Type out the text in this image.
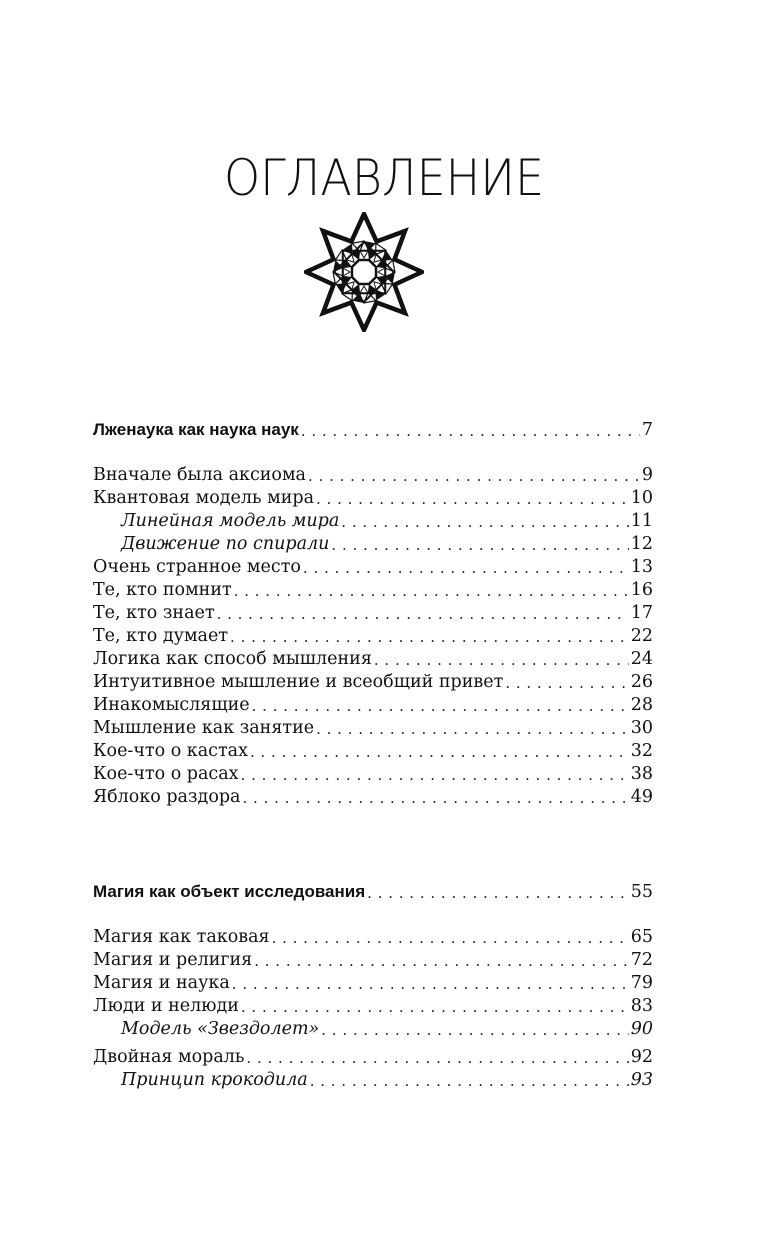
ОГЛАВЛЕНИЕ
Лженаука как наука наук . . .	7
Вначале была аксиома . . .	9
Квантовая модель мира . . .	10
Линейная модель мира . . .	11
Движение по спирали . . .	12
Очень странное место . . .	13
Те, кто помнит . . .	16
Те, кто знает . . .	17
Те, кто думает . . .	22
Логика как способ мышления . . .	24
Интуитивное мышление и всеобщий привет . . .	26
Инакомыслящие . . .	28
Мышление как занятие . . .	30
Кое-что о кастах . . .	32
Кое-что о расах . . .	38
Яблоко раздора . . .	49
Магия как объект исследования . . .	55
Магия как таковая . . .	65
Магия и религия . . .	72
Магия и наука . . .	79
Люди и нелюди . . .	83
Модель «Звездолет» . . .	90
Двойная мораль . . .	92
Принцип крокодила . . .	93
